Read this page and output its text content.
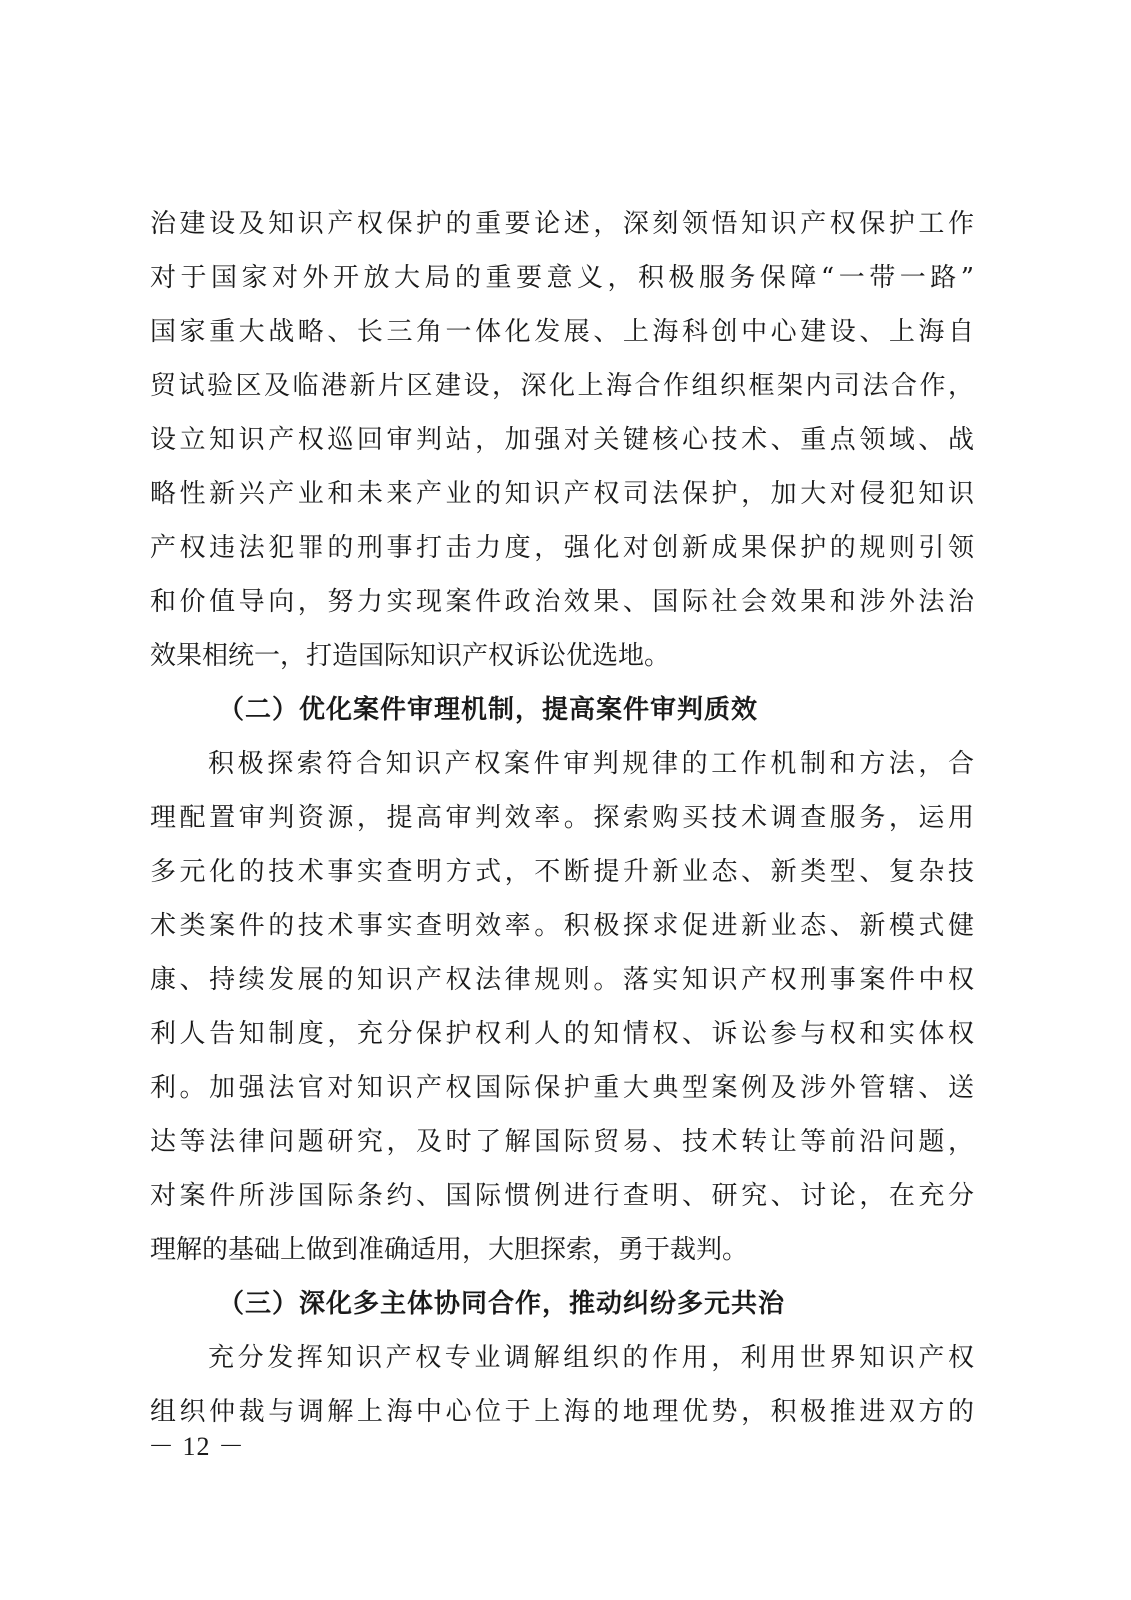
治建设及知识产权保护的重要论述，深刻领悟知识产权保护工作
对于国家对外开放大局的重要意义，积极服务保障“一带一路”
国家重大战略、长三角一体化发展、上海科创中心建设、上海自
贸试验区及临港新片区建设，深化上海合作组织框架内司法合作，
设立知识产权巡回审判站，加强对关键核心技术、重点领域、战
略性新兴产业和未来产业的知识产权司法保护，加大对侵犯知识
产权违法犯罪的刑事打击力度，强化对创新成果保护的规则引领
和价值导向，努力实现案件政治效果、国际社会效果和涉外法治
效果相统一，打造国际知识产权诉讼优选地。
（二）优化案件审理机制，提高案件审判质效
积极探索符合知识产权案件审判规律的工作机制和方法，合
理配置审判资源，提高审判效率。探索购买技术调查服务，运用
多元化的技术事实查明方式，不断提升新业态、新类型、复杂技
术类案件的技术事实查明效率。积极探求促进新业态、新模式健
康、持续发展的知识产权法律规则。落实知识产权刑事案件中权
利人告知制度，充分保护权利人的知情权、诉讼参与权和实体权
利。加强法官对知识产权国际保护重大典型案例及涉外管辖、送
达等法律问题研究，及时了解国际贸易、技术转让等前沿问题，
对案件所涉国际条约、国际惯例进行查明、研究、讨论，在充分
理解的基础上做到准确适用，大胆探索，勇于裁判。
（三）深化多主体协同合作，推动纠纷多元共治
充分发挥知识产权专业调解组织的作用，利用世界知识产权
组织仲裁与调解上海中心位于上海的地理优势，积极推进双方的
－ 12 －
